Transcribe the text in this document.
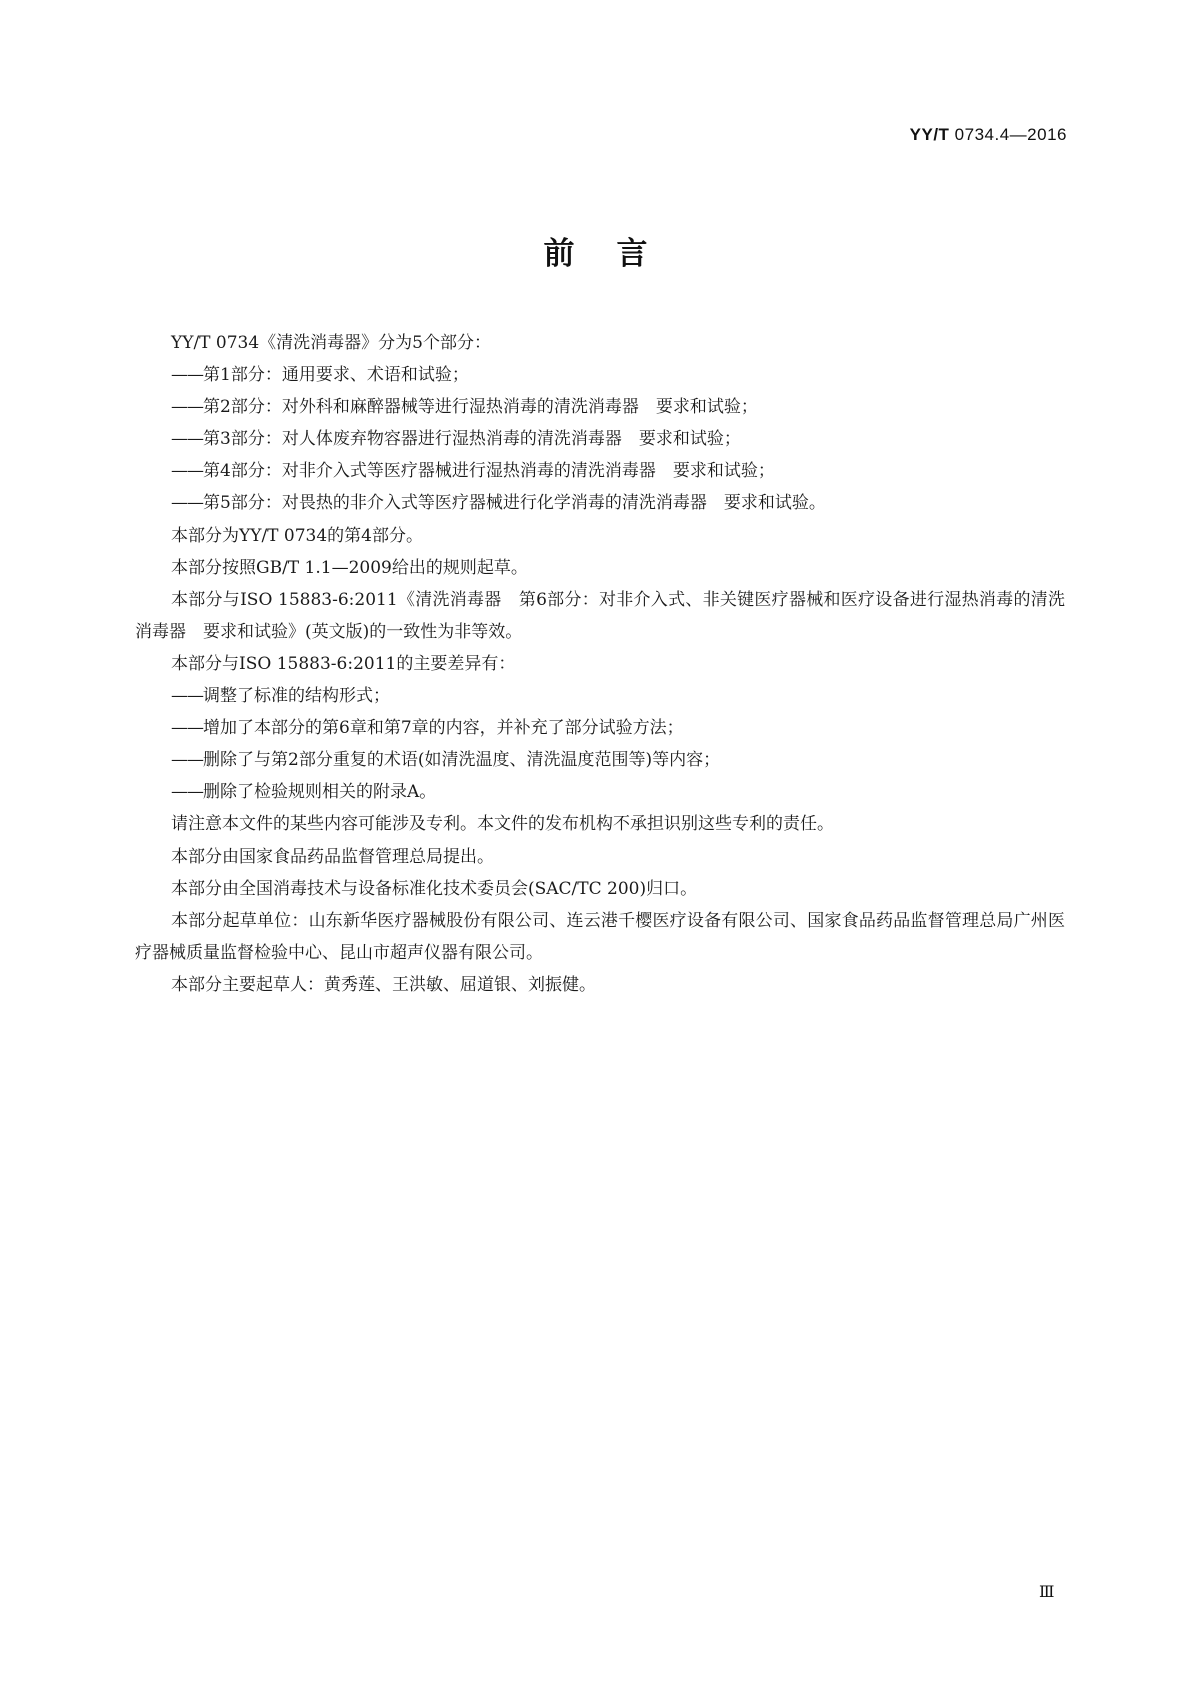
YY/T 0734.4—2016
前言

YY/T 0734《清洗消毒器》分为5个部分：

——第1部分：通用要求、术语和试验；

——第2部分：对外科和麻醉器械等进行湿热消毒的清洗消毒器　要求和试验；

——第3部分：对人体废弃物容器进行湿热消毒的清洗消毒器　要求和试验；

——第4部分：对非介入式等医疗器械进行湿热消毒的清洗消毒器　要求和试验；

——第5部分：对畏热的非介入式等医疗器械进行化学消毒的清洗消毒器　要求和试验。

本部分为YY/T 0734的第4部分。

本部分按照GB/T 1.1—2009给出的规则起草。

本部分与ISO 15883-6:2011《清洗消毒器　第6部分：对非介入式、非关键医疗器械和医疗设备进行湿热消毒的清洗消毒器　要求和试验》(英文版)的一致性为非等效。

本部分与ISO 15883-6:2011的主要差异有：

——调整了标准的结构形式；

——增加了本部分的第6章和第7章的内容，并补充了部分试验方法；

——删除了与第2部分重复的术语(如清洗温度、清洗温度范围等)等内容；

——删除了检验规则相关的附录A。

请注意本文件的某些内容可能涉及专利。本文件的发布机构不承担识别这些专利的责任。

本部分由国家食品药品监督管理总局提出。

本部分由全国消毒技术与设备标准化技术委员会(SAC/TC 200)归口。

本部分起草单位：山东新华医疗器械股份有限公司、连云港千樱医疗设备有限公司、国家食品药品监督管理总局广州医疗器械质量监督检验中心、昆山市超声仪器有限公司。

本部分主要起草人：黄秀莲、王洪敏、屈道银、刘振健。

Ⅲ
